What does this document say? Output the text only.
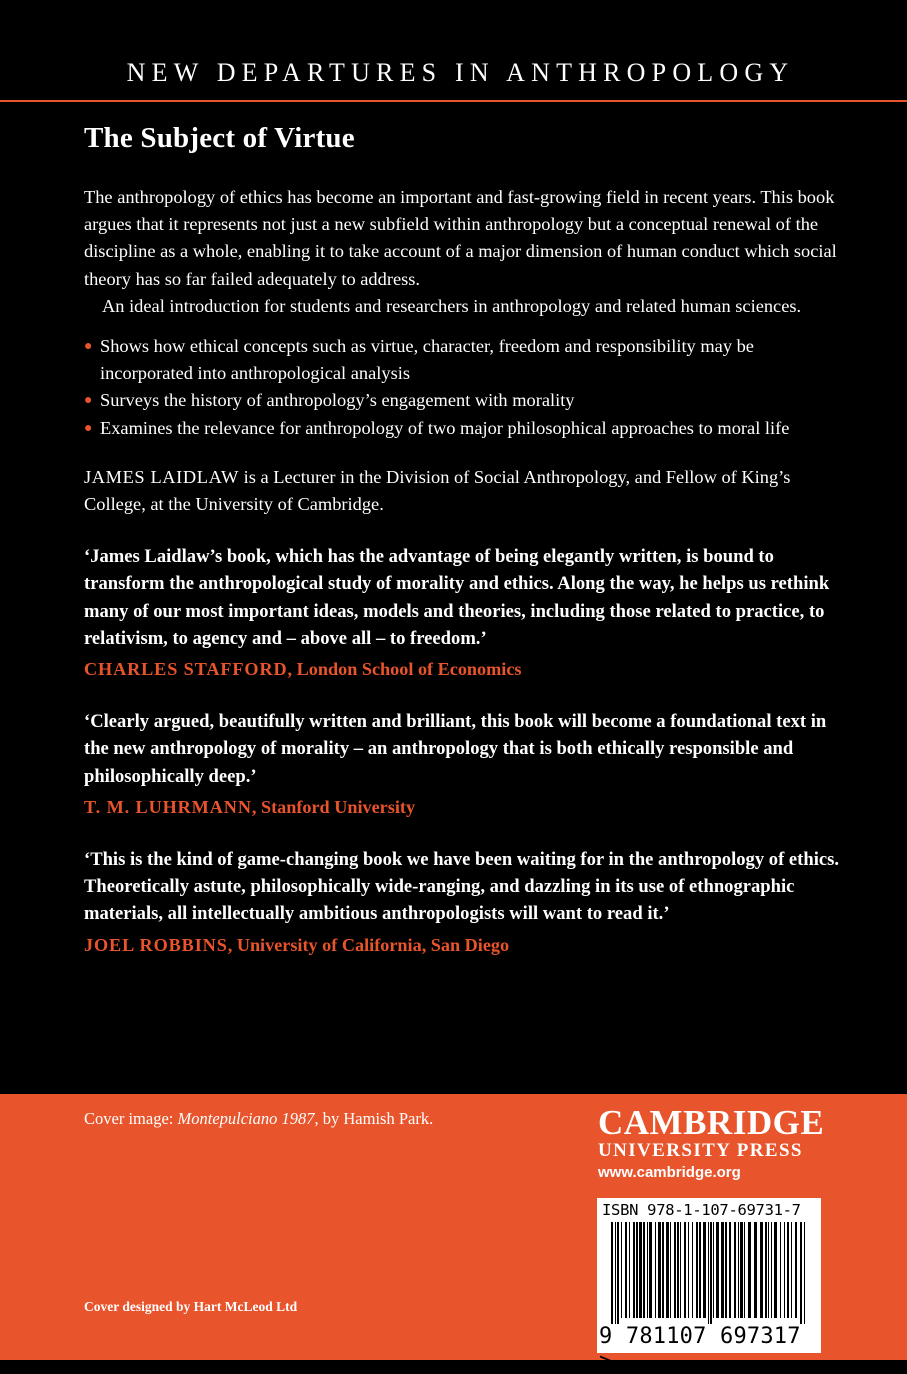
NEW DEPARTURES IN ANTHROPOLOGY
The Subject of Virtue

The anthropology of ethics has become an important and fast-growing field in recent years. This book argues that it represents not just a new subfield within anthropology but a conceptual renewal of the discipline as a whole, enabling it to take account of a major dimension of human conduct which social theory has so far failed adequately to address.

An ideal introduction for students and researchers in anthropology and related human sciences.

● Shows how ethical concepts such as virtue, character, freedom and responsibility may be incorporated into anthropological analysis
● Surveys the history of anthropology’s engagement with morality
● Examines the relevance for anthropology of two major philosophical approaches to moral life

JAMES LAIDLAW is a Lecturer in the Division of Social Anthropology, and Fellow of King’s College, at the University of Cambridge.

‘James Laidlaw’s book, which has the advantage of being elegantly written, is bound to transform the anthropological study of morality and ethics. Along the way, he helps us rethink many of our most important ideas, models and theories, including those related to practice, to relativism, to agency and – above all – to freedom.’
CHARLES STAFFORD, London School of Economics
‘Clearly argued, beautifully written and brilliant, this book will become a foundational text in the new anthropology of morality – an anthropology that is both ethically responsible and philosophically deep.’
T. M. LUHRMANN, Stanford University
‘This is the kind of game-changing book we have been waiting for in the anthropology of ethics. Theoretically astute, philosophically wide-ranging, and dazzling in its use of ethnographic materials, all intellectually ambitious anthropologists will want to read it.’
JOEL ROBBINS, University of California, San Diego
Cover image: Montepulciano 1987, by Hamish Park.
Cover designed by Hart McLeod Ltd
CAMBRIDGE
UNIVERSITY PRESS
www.cambridge.org
ISBN 978-1-107-69731-7
9 781107 697317 >
